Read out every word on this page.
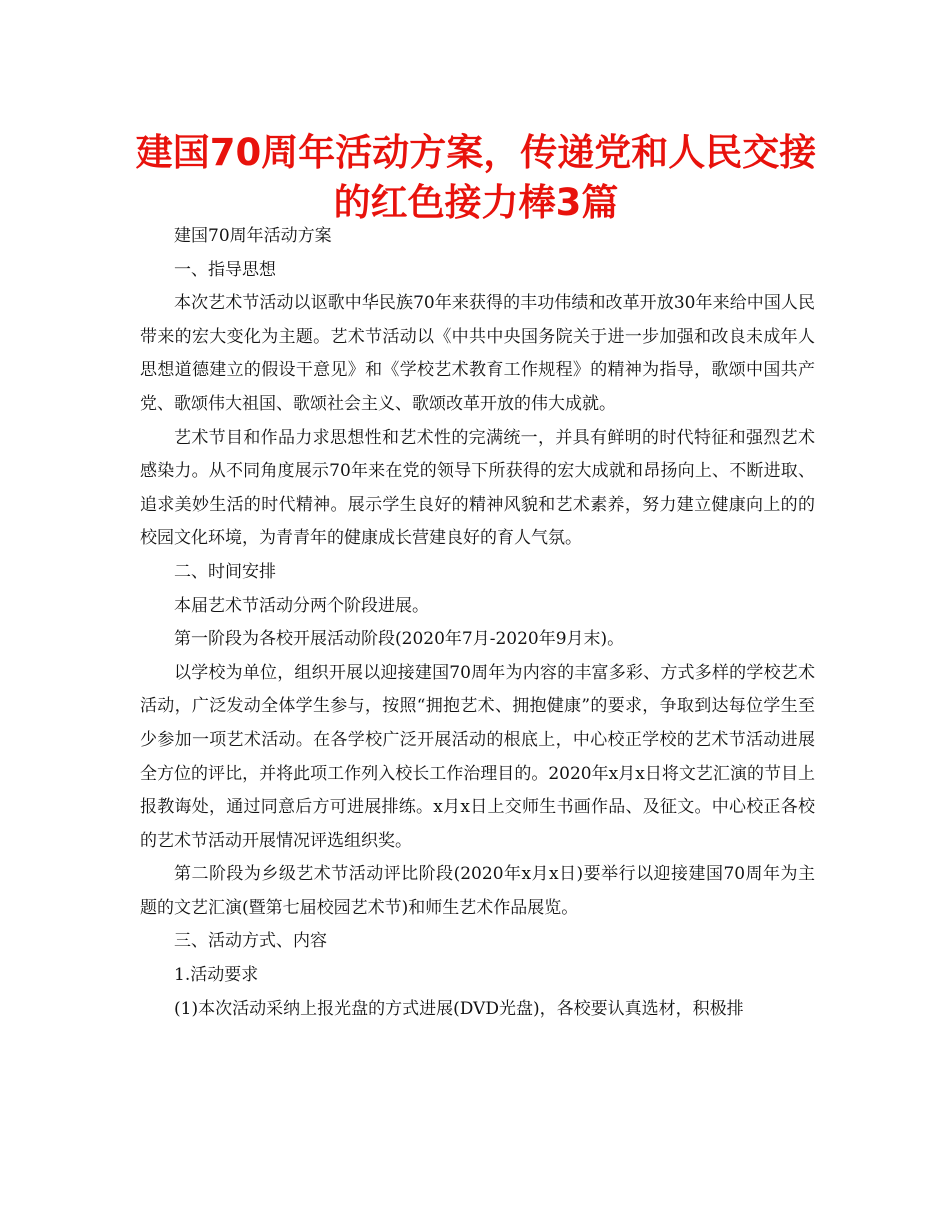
建国70周年活动方案，传递党和人民交接的红色接力棒3篇

建国70周年活动方案

一、指导思想

本次艺术节活动以讴歌中华民族70年来获得的丰功伟绩和改革开放30年来给中国人民带来的宏大变化为主题。艺术节活动以《中共中央国务院关于进一步加强和改良未成年人思想道德建立的假设干意见》和《学校艺术教育工作规程》的精神为指导，歌颂中国共产党、歌颂伟大祖国、歌颂社会主义、歌颂改革开放的伟大成就。

艺术节目和作品力求思想性和艺术性的完满统一，并具有鲜明的时代特征和强烈艺术感染力。从不同角度展示70年来在党的领导下所获得的宏大成就和昂扬向上、不断进取、追求美妙生活的时代精神。展示学生良好的精神风貌和艺术素养，努力建立健康向上的的校园文化环境，为青青年的健康成长营建良好的育人气氛。

二、时间安排

本届艺术节活动分两个阶段进展。

第一阶段为各校开展活动阶段(2020年7月-2020年9月末)。

以学校为单位，组织开展以迎接建国70周年为内容的丰富多彩、方式多样的学校艺术活动，广泛发动全体学生参与，按照“拥抱艺术、拥抱健康”的要求，争取到达每位学生至少参加一项艺术活动。在各学校广泛开展活动的根底上，中心校正学校的艺术节活动进展全方位的评比，并将此项工作列入校长工作治理目的。2020年x月x日将文艺汇演的节目上报教诲处，通过同意后方可进展排练。x月x日上交师生书画作品、及征文。中心校正各校的艺术节活动开展情况评选组织奖。

第二阶段为乡级艺术节活动评比阶段(2020年x月x日)要举行以迎接建国70周年为主题的文艺汇演(暨第七届校园艺术节)和师生艺术作品展览。

三、活动方式、内容

1.活动要求

(1)本次活动采纳上报光盘的方式进展(DVD光盘)，各校要认真选材，积极排
